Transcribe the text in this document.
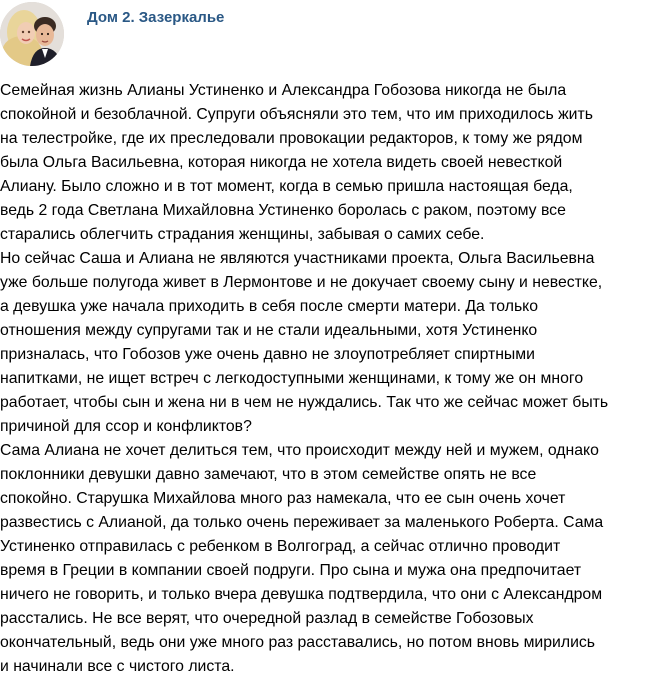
Дом 2. Зазеркалье

Семейная жизнь Алианы Устиненко и Александра Гобозова никогда не была
спокойной и безоблачной. Супруги объясняли это тем, что им приходилось жить
на телестройке, где их преследовали провокации редакторов, к тому же рядом
была Ольга Васильевна, которая никогда не хотела видеть своей невесткой
Алиану. Было сложно и в тот момент, когда в семью пришла настоящая беда,
ведь 2 года Светлана Михайловна Устиненко боролась с раком, поэтому все
старались облегчить страдания женщины, забывая о самих себе.

Но сейчас Саша и Алиана не являются участниками проекта, Ольга Васильевна
уже больше полугода живет в Лермонтове и не докучает своему сыну и невестке,
а девушка уже начала приходить в себя после смерти матери. Да только
отношения между супругами так и не стали идеальными, хотя Устиненко
призналась, что Гобозов уже очень давно не злоупотребляет спиртными
напитками, не ищет встреч с легкодоступными женщинами, к тому же он много
работает, чтобы сын и жена ни в чем не нуждались. Так что же сейчас может быть
причиной для ссор и конфликтов?

Сама Алиана не хочет делиться тем, что происходит между ней и мужем, однако
поклонники девушки давно замечают, что в этом семействе опять не все
спокойно. Старушка Михайлова много раз намекала, что ее сын очень хочет
развестись с Алианой, да только очень переживает за маленького Роберта. Сама
Устиненко отправилась с ребенком в Волгоград, а сейчас отлично проводит
время в Греции в компании своей подруги. Про сына и мужа она предпочитает
ничего не говорить, и только вчера девушка подтвердила, что они с Александром
расстались. Не все верят, что очередной разлад в семействе Гобозовых
окончательный, ведь они уже много раз расставались, но потом вновь мирились
и начинали все с чистого листа.
